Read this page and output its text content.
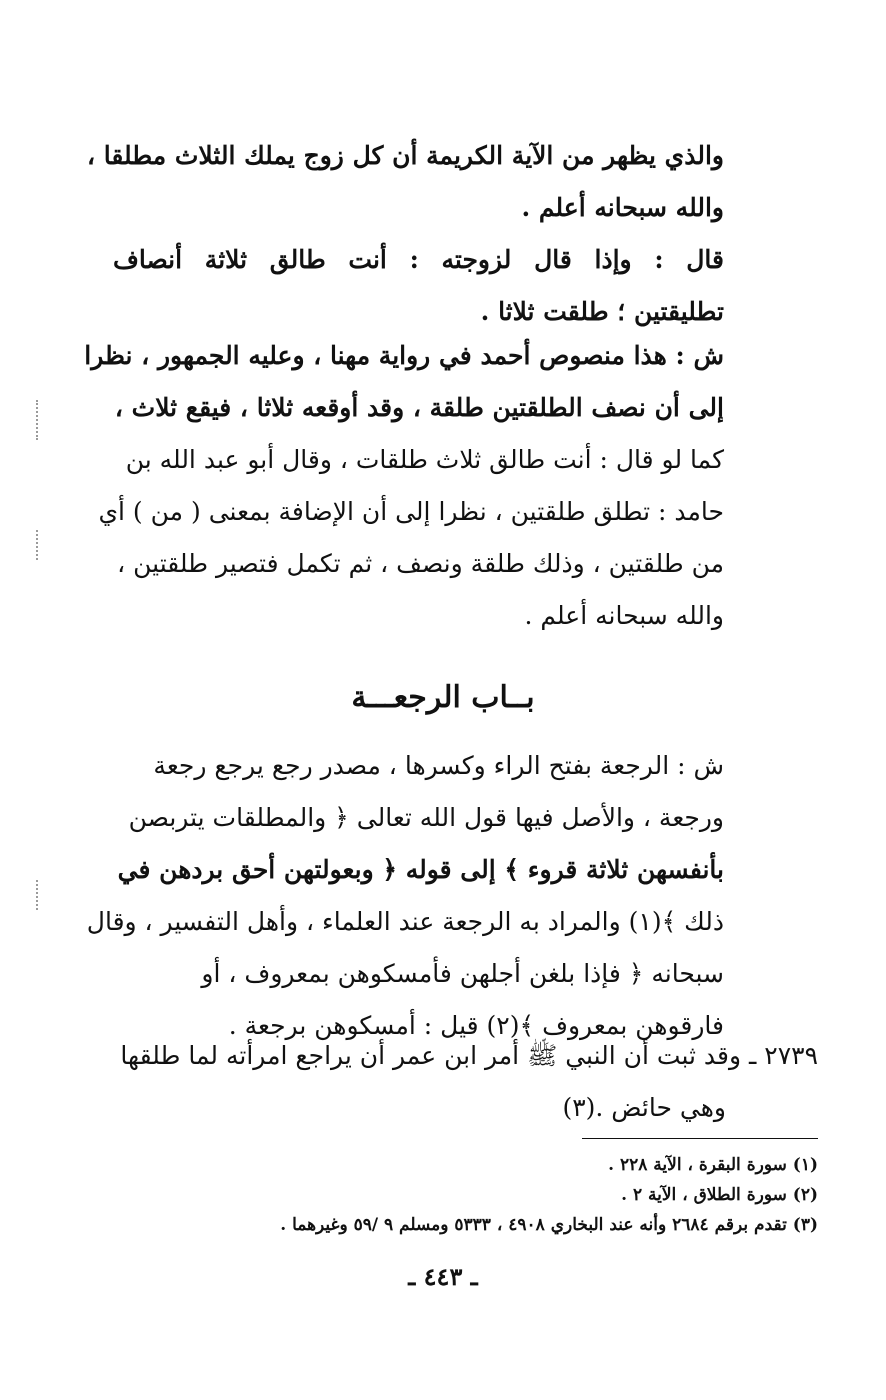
والذي يظهر من الآية الكريمة أن كل زوج يملك الثلاث مطلقا ،
والله سبحانه أعلم .
قال : وإذا قال لزوجته : أنت طالق ثلاثة أنصاف
تطليقتين ؛ طلقت ثلاثا .
ش : هذا منصوص أحمد في رواية مهنا ، وعليه الجمهور ، نظرا
إلى أن نصف الطلقتين طلقة ، وقد أوقعه ثلاثا ، فيقع ثلاث ،
كما لو قال : أنت طالق ثلاث طلقات ، وقال أبو عبد الله بن
حامد : تطلق طلقتين ، نظرا إلى أن الإضافة بمعنى ( من ) أي
من طلقتين ، وذلك طلقة ونصف ، ثم تكمل فتصير طلقتين ،
والله سبحانه أعلم .
بــاب الرجعـــة
ش : الرجعة بفتح الراء وكسرها ، مصدر رجع يرجع رجعة
ورجعة ، والأصل فيها قول الله تعالى ﴿ والمطلقات يتربصن
بأنفسهن ثلاثة قروء ﴾ إلى قوله ﴿ وبعولتهن أحق بردهن في
ذلك ﴾(١) والمراد به الرجعة عند العلماء ، وأهل التفسير ، وقال
سبحانه ﴿ فإذا بلغن أجلهن فأمسكوهن بمعروف ، أو
فارقوهن بمعروف ﴾(٢) قيل : أمسكوهن برجعة .
٢٧٣٩ ـ وقد ثبت أن النبي ﷺ أمر ابن عمر أن يراجع امرأته لما طلقها
وهي حائض .(٣)
(١) سورة البقرة ، الآية ٢٢٨ .
(٢) سورة الطلاق ، الآية ٢ .
(٣) تقدم برقم ٢٦٨٤ وأنه عند البخاري ٤٩٠٨ ، ٥٣٣٣ ومسلم ٩ /٥٩ وغيرهما .
ـ ٤٤٣ ـ
